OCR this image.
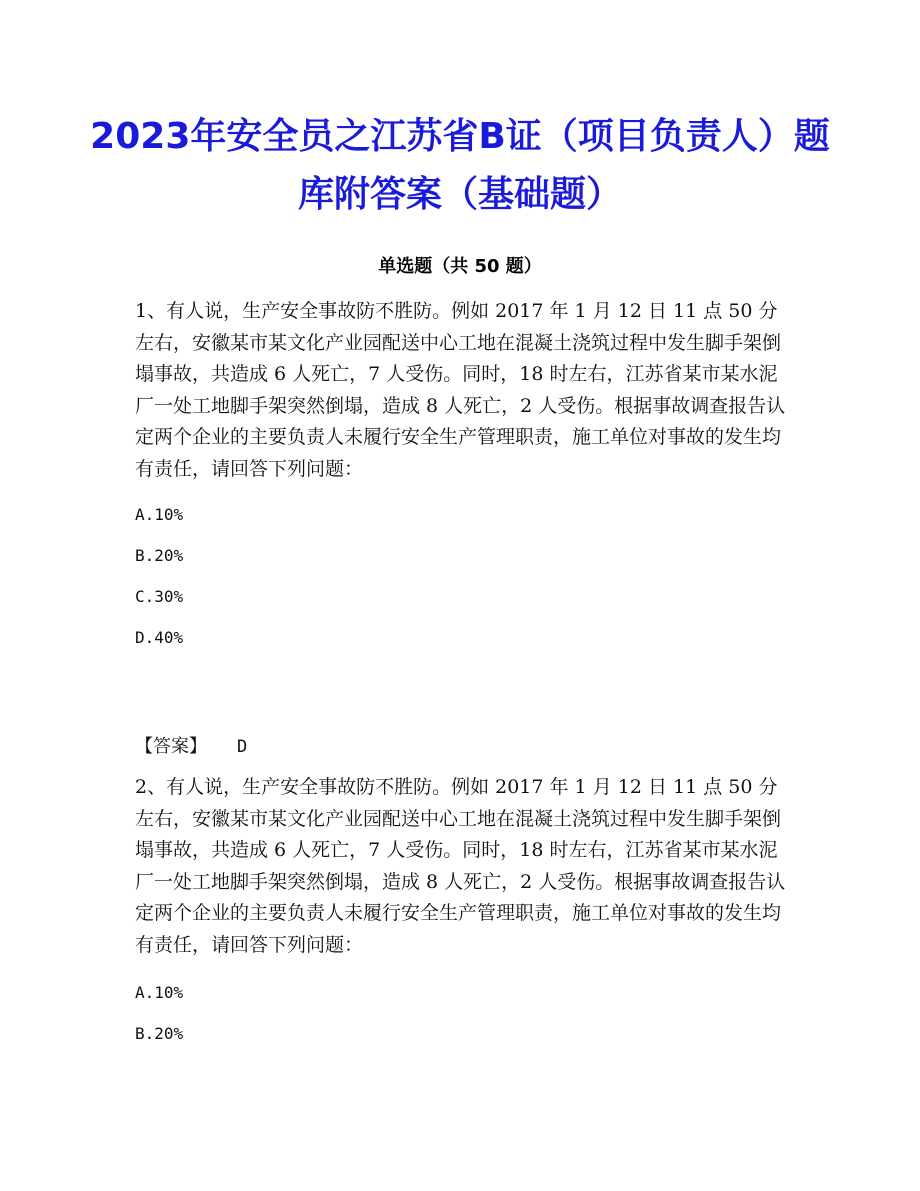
2023年安全员之江苏省B证（项目负责人）题库附答案（基础题）
单选题（共 50 题）

1、有人说，生产安全事故防不胜防。例如 2017 年 1 月 12 日 11 点 50 分左右，安徽某市某文化产业园配送中心工地在混凝土浇筑过程中发生脚手架倒塌事故，共造成 6 人死亡，7 人受伤。同时，18 时左右，江苏省某市某水泥厂一处工地脚手架突然倒塌，造成 8 人死亡，2 人受伤。根据事故调查报告认定两个企业的主要负责人未履行安全生产管理职责，施工单位对事故的发生均有责任，请回答下列问题：

A.10%
B.20%
C.30%
D.40%
【答案】 D

2、有人说，生产安全事故防不胜防。例如 2017 年 1 月 12 日 11 点 50 分左右，安徽某市某文化产业园配送中心工地在混凝土浇筑过程中发生脚手架倒塌事故，共造成 6 人死亡，7 人受伤。同时，18 时左右，江苏省某市某水泥厂一处工地脚手架突然倒塌，造成 8 人死亡，2 人受伤。根据事故调查报告认定两个企业的主要负责人未履行安全生产管理职责，施工单位对事故的发生均有责任，请回答下列问题：

A.10%
B.20%
